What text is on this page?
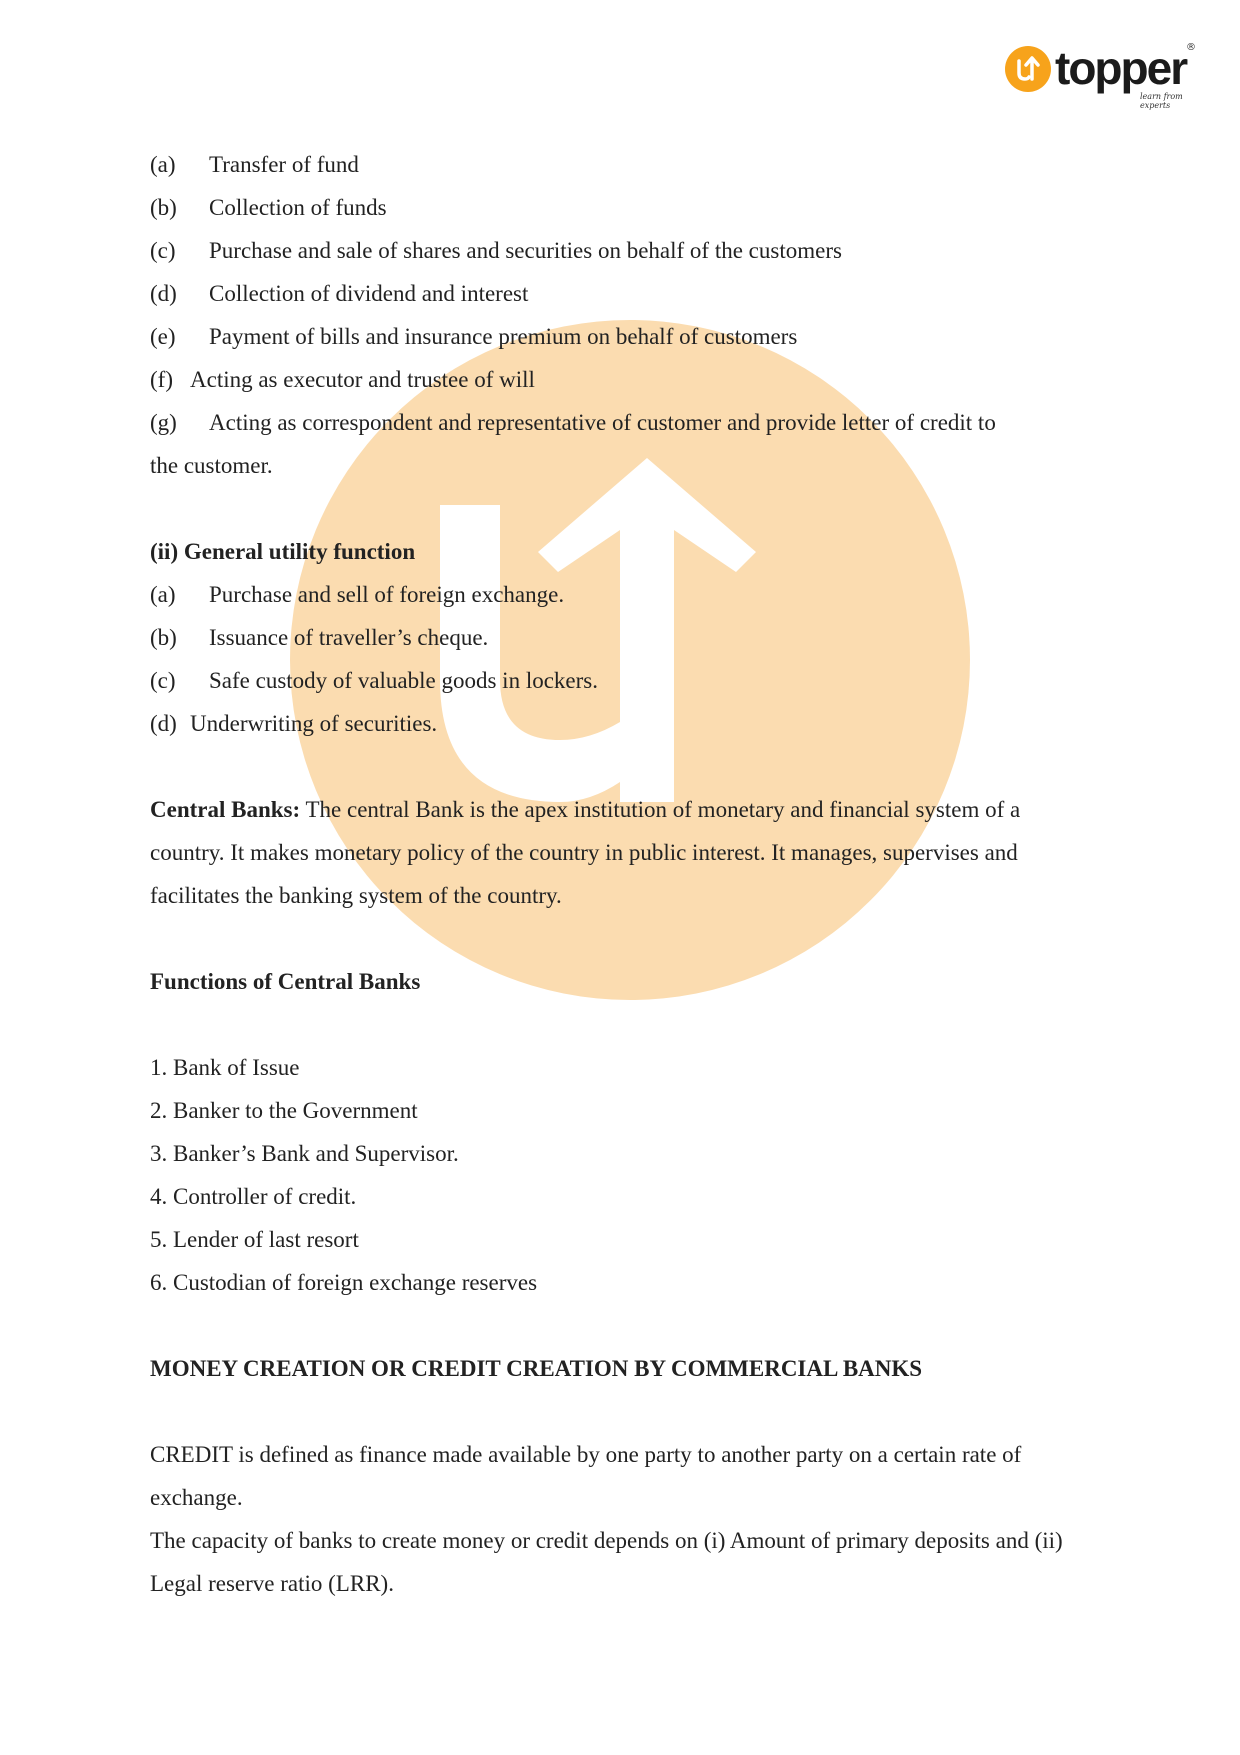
topper ®
learn from experts
(a) Transfer of fund
(b) Collection of funds
(c) Purchase and sale of shares and securities on behalf of the customers
(d) Collection of dividend and interest
(e) Payment of bills and insurance premium on behalf of customers
(f) Acting as executor and trustee of will
(g) Acting as correspondent and representative of customer and provide letter of credit to
the customer.
(ii) General utility function
(a) Purchase and sell of foreign exchange.
(b) Issuance of traveller’s cheque.
(c) Safe custody of valuable goods in lockers.
(d) Underwriting of securities.
Central Banks: The central Bank is the apex institution of monetary and financial system of a country. It makes monetary policy of the country in public interest. It manages, supervises and facilitates the banking system of the country.
Functions of Central Banks
1. Bank of Issue
2. Banker to the Government
3. Banker’s Bank and Supervisor.
4. Controller of credit.
5. Lender of last resort
6. Custodian of foreign exchange reserves
MONEY CREATION OR CREDIT CREATION BY COMMERCIAL BANKS
CREDIT is defined as finance made available by one party to another party on a certain rate of exchange.
The capacity of banks to create money or credit depends on (i) Amount of primary deposits and (ii) Legal reserve ratio (LRR).
